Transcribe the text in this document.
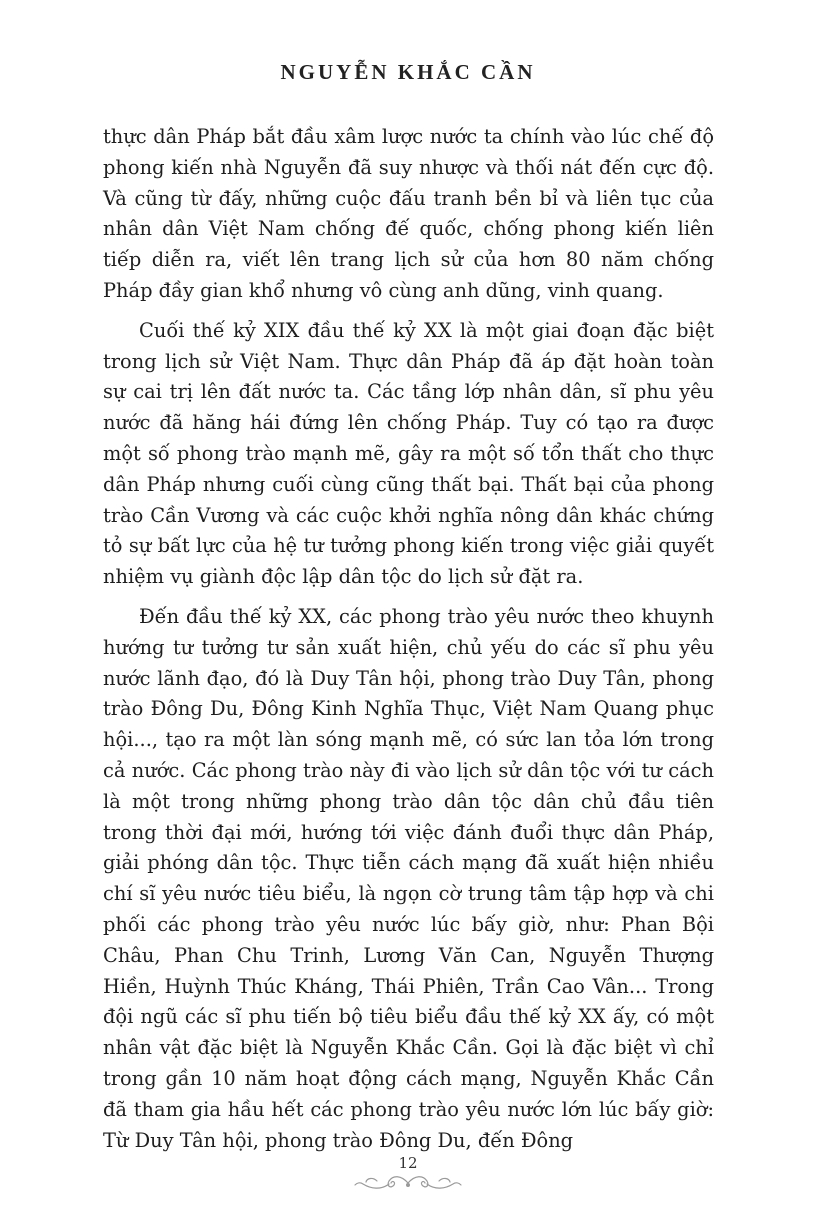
NGUYỄN KHẮC CẦN

thực dân Pháp bắt đầu xâm lược nước ta chính vào lúc chế độ phong kiến nhà Nguyễn đã suy nhược và thối nát đến cực độ. Và cũng từ đấy, những cuộc đấu tranh bền bỉ và liên tục của nhân dân Việt Nam chống đế quốc, chống phong kiến liên tiếp diễn ra, viết lên trang lịch sử của hơn 80 năm chống Pháp đầy gian khổ nhưng vô cùng anh dũng, vinh quang.

Cuối thế kỷ XIX đầu thế kỷ XX là một giai đoạn đặc biệt trong lịch sử Việt Nam. Thực dân Pháp đã áp đặt hoàn toàn sự cai trị lên đất nước ta. Các tầng lớp nhân dân, sĩ phu yêu nước đã hăng hái đứng lên chống Pháp. Tuy có tạo ra được một số phong trào mạnh mẽ, gây ra một số tổn thất cho thực dân Pháp nhưng cuối cùng cũng thất bại. Thất bại của phong trào Cần Vương và các cuộc khởi nghĩa nông dân khác chứng tỏ sự bất lực của hệ tư tưởng phong kiến trong việc giải quyết nhiệm vụ giành độc lập dân tộc do lịch sử đặt ra.

Đến đầu thế kỷ XX, các phong trào yêu nước theo khuynh hướng tư tưởng tư sản xuất hiện, chủ yếu do các sĩ phu yêu nước lãnh đạo, đó là Duy Tân hội, phong trào Duy Tân, phong trào Đông Du, Đông Kinh Nghĩa Thục, Việt Nam Quang phục hội..., tạo ra một làn sóng mạnh mẽ, có sức lan tỏa lớn trong cả nước. Các phong trào này đi vào lịch sử dân tộc với tư cách là một trong những phong trào dân tộc dân chủ đầu tiên trong thời đại mới, hướng tới việc đánh đuổi thực dân Pháp, giải phóng dân tộc. Thực tiễn cách mạng đã xuất hiện nhiều chí sĩ yêu nước tiêu biểu, là ngọn cờ trung tâm tập hợp và chi phối các phong trào yêu nước lúc bấy giờ, như: Phan Bội Châu, Phan Chu Trinh, Lương Văn Can, Nguyễn Thượng Hiền, Huỳnh Thúc Kháng, Thái Phiên, Trần Cao Vân... Trong đội ngũ các sĩ phu tiến bộ tiêu biểu đầu thế kỷ XX ấy, có một nhân vật đặc biệt là Nguyễn Khắc Cần. Gọi là đặc biệt vì chỉ trong gần 10 năm hoạt động cách mạng, Nguyễn Khắc Cần đã tham gia hầu hết các phong trào yêu nước lớn lúc bấy giờ: Từ Duy Tân hội, phong trào Đông Du, đến Đông

12
